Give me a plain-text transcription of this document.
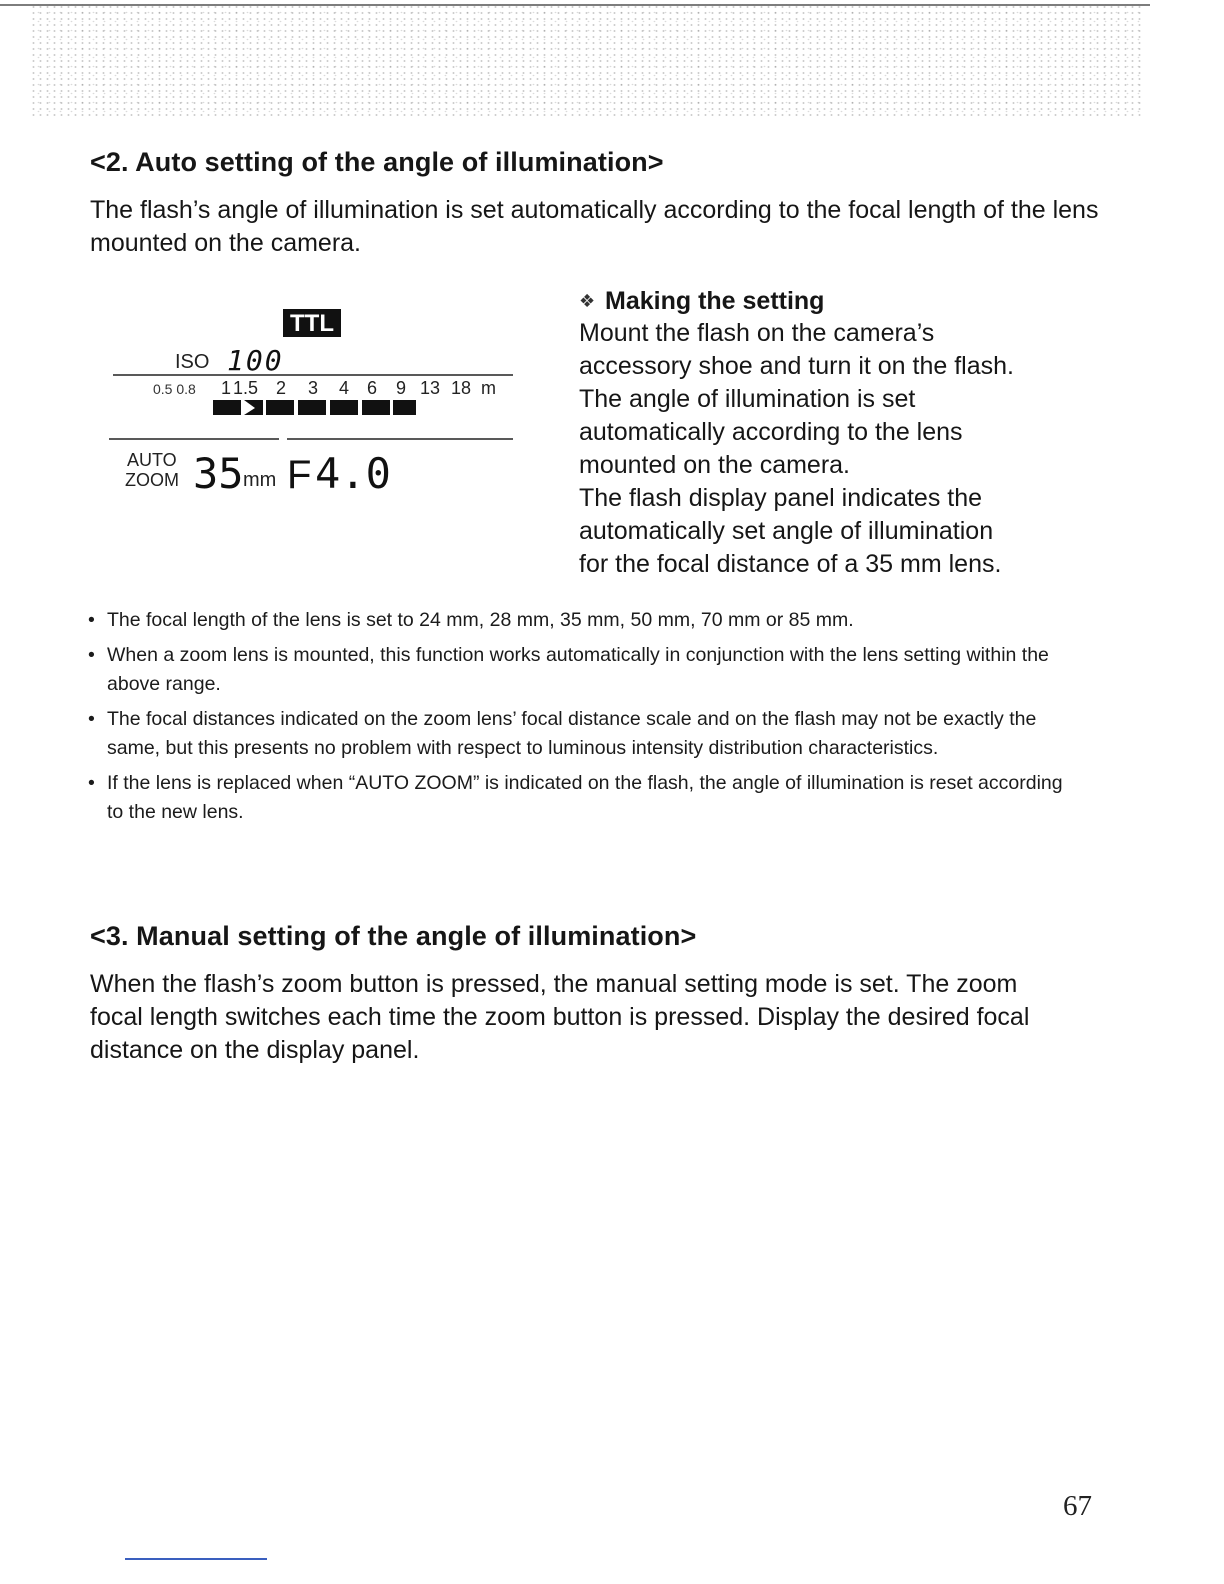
<2. Auto setting of the angle of illumination>

The flash’s angle of illumination is set automatically according to the focal length of the lens mounted on the camera.

TTL
ISO 100
0.5 0.8 1 1.5 2 3 4 6 9 13 18 m
AUTO
ZOOM 35 mm F 4.0
❖ Making the setting

Mount the flash on the camera’s
accessory shoe and turn it on the flash.
The angle of illumination is set
automatically according to the lens
mounted on the camera.
The flash display panel indicates the
automatically set angle of illumination
for the focal distance of a 35 mm lens.

• The focal length of the lens is set to 24 mm, 28 mm, 35 mm, 50 mm, 70 mm or 85 mm.
• When a zoom lens is mounted, this function works automatically in conjunction with the lens setting within the above range.
• The focal distances indicated on the zoom lens’ focal distance scale and on the flash may not be exactly the same, but this presents no problem with respect to luminous intensity distribution characteristics.
• If the lens is replaced when “AUTO ZOOM” is indicated on the flash, the angle of illumination is reset according to the new lens.
<3. Manual setting of the angle of illumination>

When the flash’s zoom button is pressed, the manual setting mode is set. The zoom focal length switches each time the zoom button is pressed. Display the desired focal distance on the display panel.

67
